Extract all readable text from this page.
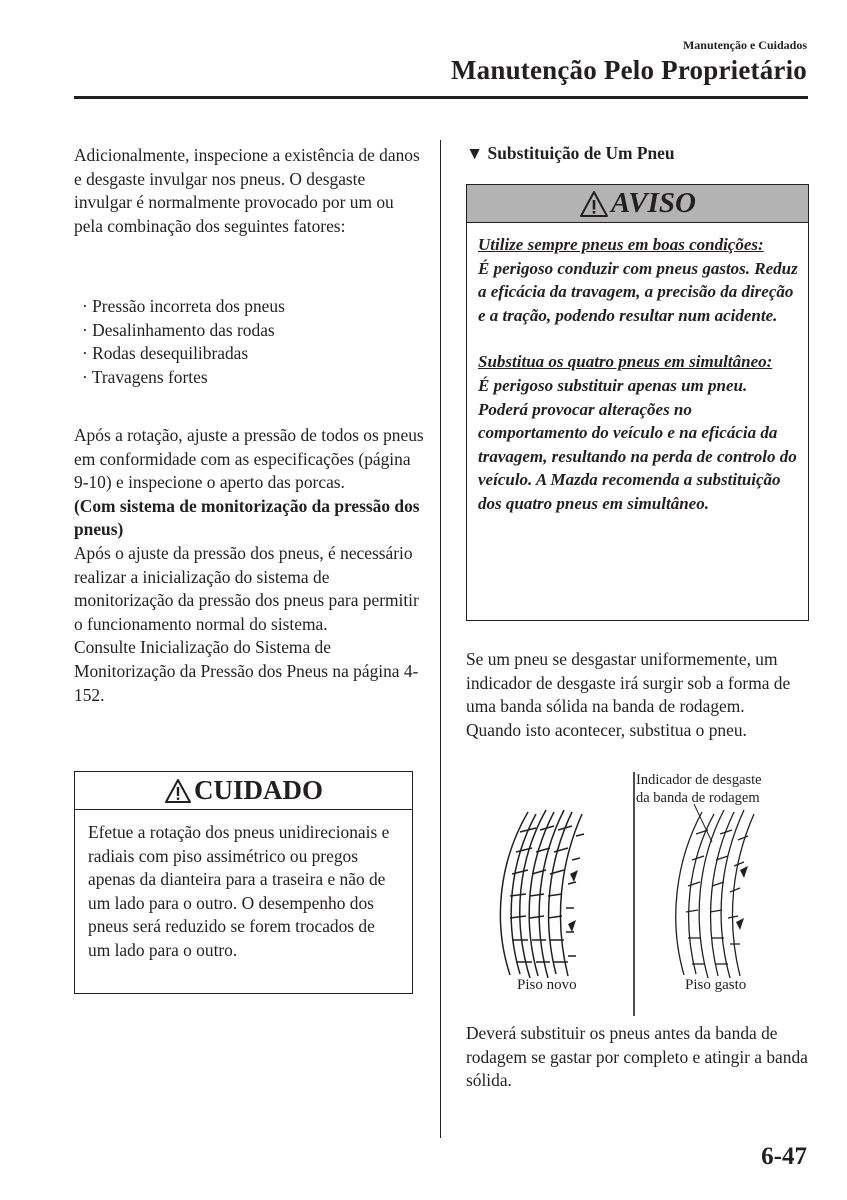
Manutenção e Cuidados
Manutenção Pelo Proprietário

Adicionalmente, inspecione a existência de danos e desgaste invulgar nos pneus. O desgaste invulgar é normalmente provocado por um ou pela combinação dos seguintes fatores:

· Pressão incorreta dos pneus
· Desalinhamento das rodas
· Rodas desequilibradas
· Travagens fortes

Após a rotação, ajuste a pressão de todos os pneus em conformidade com as especificações (página 9-10) e inspecione o aperto das porcas.

(Com sistema de monitorização da pressão dos pneus)

Após o ajuste da pressão dos pneus, é necessário realizar a inicialização do sistema de monitorização da pressão dos pneus para permitir o funcionamento normal do sistema.

Consulte Inicialização do Sistema de Monitorização da Pressão dos Pneus na página 4-152.

CUIDADO
Efetue a rotação dos pneus unidirecionais e radiais com piso assimétrico ou pregos apenas da dianteira para a traseira e não de um lado para o outro. O desempenho dos pneus será reduzido se forem trocados de um lado para o outro.
▼ Substituição de Um Pneu
AVISO

Utilize sempre pneus em boas condições:

É perigoso conduzir com pneus gastos. Reduz a eficácia da travagem, a precisão da direção e a tração, podendo resultar num acidente.

Substitua os quatro pneus em simultâneo:

É perigoso substituir apenas um pneu. Poderá provocar alterações no comportamento do veículo e na eficácia da travagem, resultando na perda de controlo do veículo. A Mazda recomenda a substituição dos quatro pneus em simultâneo.

Se um pneu se desgastar uniformemente, um indicador de desgaste irá surgir sob a forma de uma banda sólida na banda de rodagem.

Quando isto acontecer, substitua o pneu.

Indicador de desgaste
da banda de rodagem
Piso novo	Piso gasto

Deverá substituir os pneus antes da banda de rodagem se gastar por completo e atingir a banda sólida.

6-47
